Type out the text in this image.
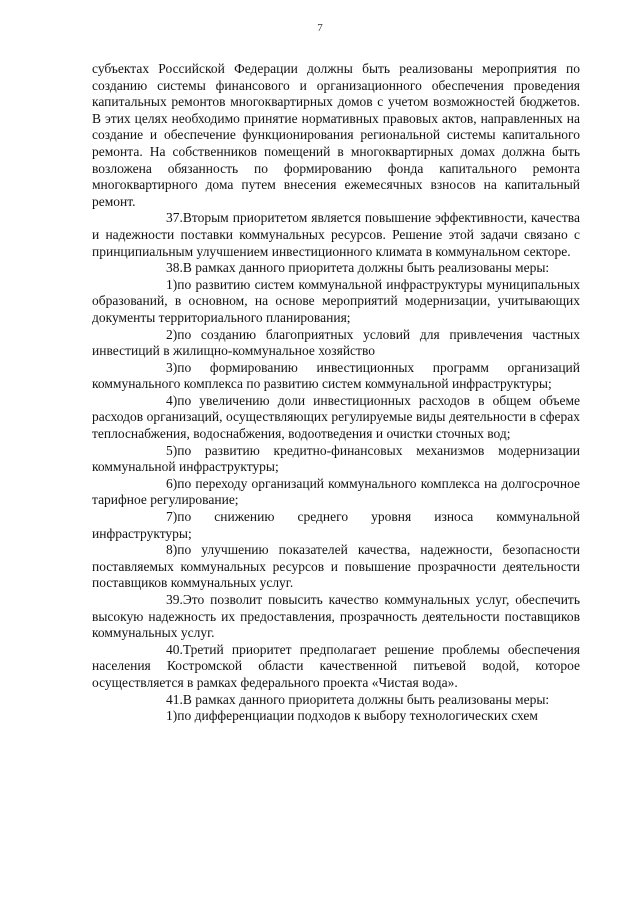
7

субъектах Российской Федерации должны быть реализованы мероприятия по созданию системы финансового и организационного обеспечения проведения капитальных ремонтов многоквартирных домов с учетом возможностей бюджетов. В этих целях необходимо принятие нормативных правовых актов, направленных на создание и обеспечение функционирования региональной системы капитального ремонта. На собственников помещений в многоквартирных домах должна быть возложена обязанность по формированию фонда капитального ремонта многоквартирного дома путем внесения ежемесячных взносов на капитальный ремонт.

37.Вторым приоритетом является повышение эффективности, качества и надежности поставки коммунальных ресурсов. Решение этой задачи связано с принципиальным улучшением инвестиционного климата в коммунальном секторе.

38.В рамках данного приоритета должны быть реализованы меры:

1)по развитию систем коммунальной инфраструктуры муниципальных образований, в основном, на основе мероприятий модернизации, учитывающих документы территориального планирования;

2)по созданию благоприятных условий для привлечения частных инвестиций в жилищно-коммунальное хозяйство

3)по формированию инвестиционных программ организаций коммунального комплекса по развитию систем коммунальной инфраструктуры;

4)по увеличению доли инвестиционных расходов в общем объеме расходов организаций, осуществляющих регулируемые виды деятельности в сферах теплоснабжения, водоснабжения, водоотведения и очистки сточных вод;

5)по развитию кредитно-финансовых механизмов модернизации коммунальной инфраструктуры;

6)по переходу организаций коммунального комплекса на долгосрочное тарифное регулирование;

7)по снижению среднего уровня износа коммунальной инфраструктуры;

8)по улучшению показателей качества, надежности, безопасности поставляемых коммунальных ресурсов и повышение прозрачности деятельности поставщиков коммунальных услуг.

39.Это позволит повысить качество коммунальных услуг, обеспечить высокую надежность их предоставления, прозрачность деятельности поставщиков коммунальных услуг.

40.Третий приоритет предполагает решение проблемы обеспечения населения Костромской области качественной питьевой водой, которое осуществляется в рамках федерального проекта «Чистая вода».

41.В рамках данного приоритета должны быть реализованы меры:

1)по дифференциации подходов к выбору технологических схем
